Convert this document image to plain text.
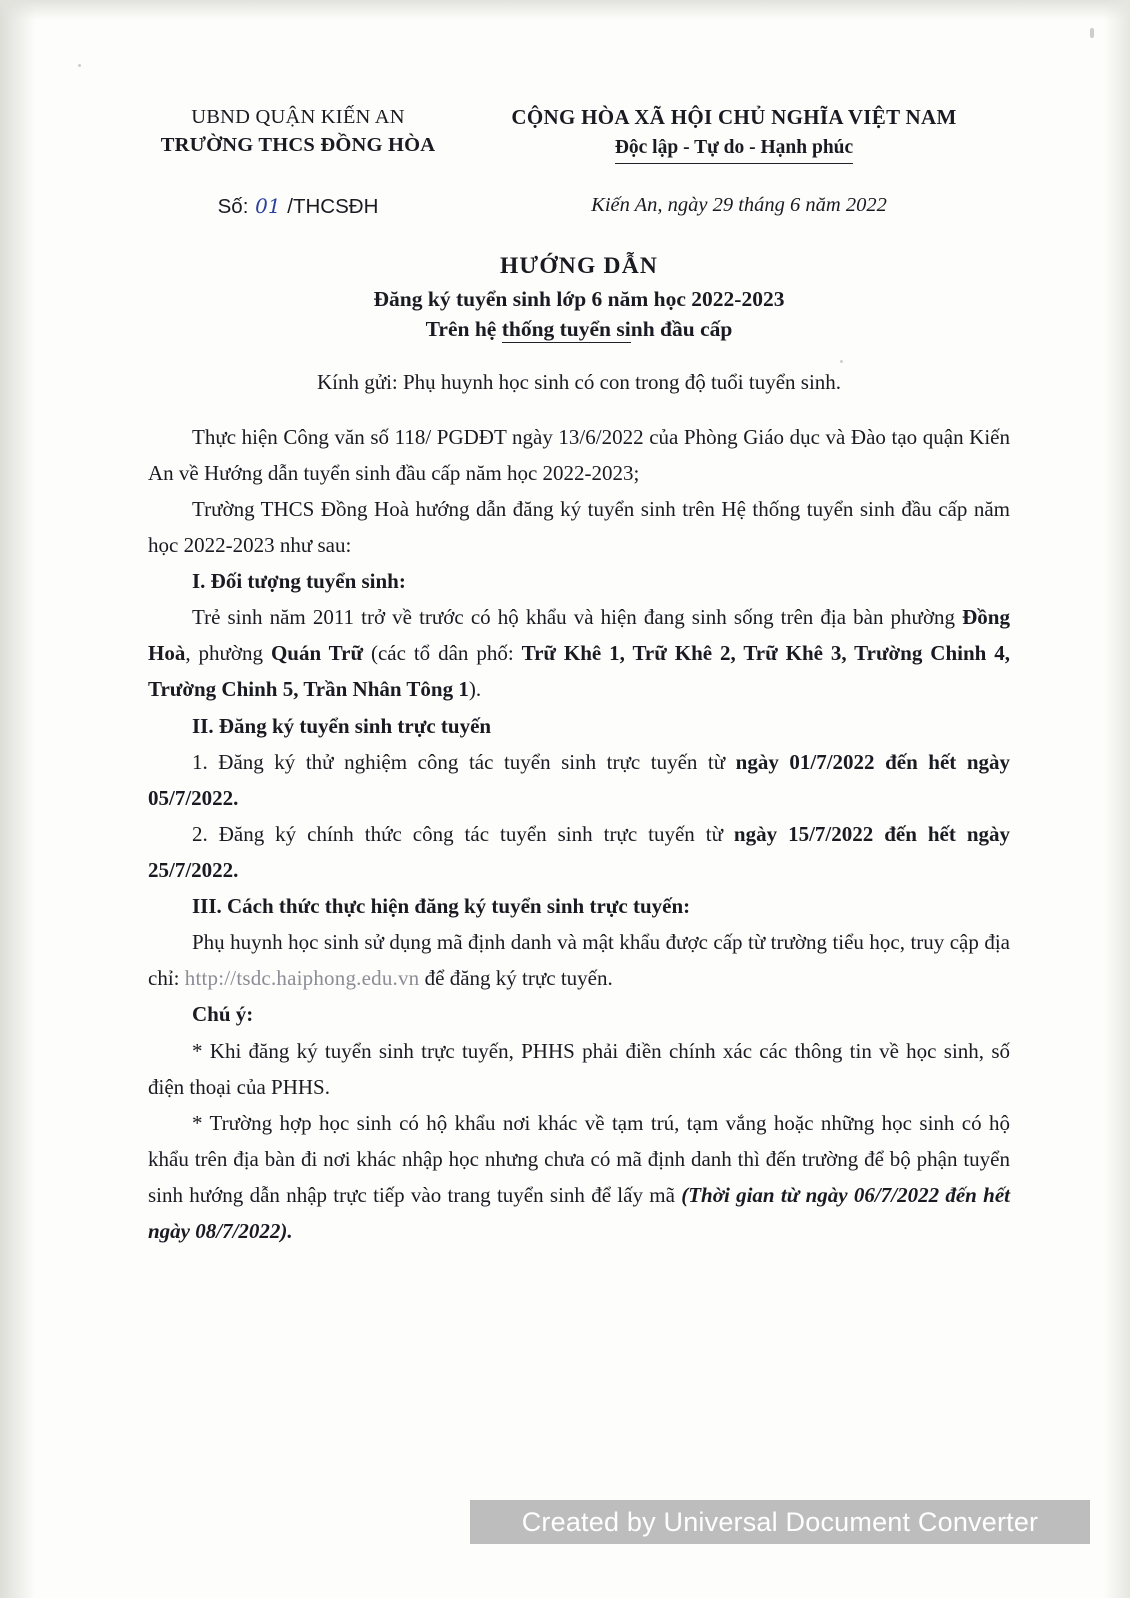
UBND QUẬN KIẾN AN
TRƯỜNG THCS ĐỒNG HÒA
CỘNG HÒA XÃ HỘI CHỦ NGHĨA VIỆT NAM
Độc lập - Tự do - Hạnh phúc
Số: 01 /THCSĐH	Kiến An, ngày 29 tháng 6 năm 2022
HƯỚNG DẪN
Đăng ký tuyển sinh lớp 6 năm học 2022-2023
Trên hệ thống tuyển sinh đầu cấp
Kính gửi: Phụ huynh học sinh có con trong độ tuổi tuyển sinh.

Thực hiện Công văn số 118/ PGDĐT ngày 13/6/2022 của Phòng Giáo dục và Đào tạo quận Kiến An về Hướng dẫn tuyển sinh đầu cấp năm học 2022-2023;

Trường THCS Đồng Hoà hướng dẫn đăng ký tuyển sinh trên Hệ thống tuyển sinh đầu cấp năm học 2022-2023 như sau:

I. Đối tượng tuyển sinh:

Trẻ sinh năm 2011 trở về trước có hộ khẩu và hiện đang sinh sống trên địa bàn phường Đồng Hoà, phường Quán Trữ (các tổ dân phố: Trữ Khê 1, Trữ Khê 2, Trữ Khê 3, Trường Chinh 4, Trường Chinh 5, Trần Nhân Tông 1).

II. Đăng ký tuyển sinh trực tuyến

1. Đăng ký thử nghiệm công tác tuyển sinh trực tuyến từ ngày 01/7/2022 đến hết ngày 05/7/2022.

2. Đăng ký chính thức công tác tuyển sinh trực tuyến từ ngày 15/7/2022 đến hết ngày 25/7/2022.

III. Cách thức thực hiện đăng ký tuyển sinh trực tuyến:

Phụ huynh học sinh sử dụng mã định danh và mật khẩu được cấp từ trường tiểu học, truy cập địa chỉ: http://tsdc.haiphong.edu.vn để đăng ký trực tuyến.

Chú ý:

* Khi đăng ký tuyển sinh trực tuyến, PHHS phải điền chính xác các thông tin về học sinh, số điện thoại của PHHS.

* Trường hợp học sinh có hộ khẩu nơi khác về tạm trú, tạm vắng hoặc những học sinh có hộ khẩu trên địa bàn đi nơi khác nhập học nhưng chưa có mã định danh thì đến trường để bộ phận tuyển sinh hướng dẫn nhập trực tiếp vào trang tuyển sinh để lấy mã (Thời gian từ ngày 06/7/2022 đến hết ngày 08/7/2022).

Created by Universal Document Converter
